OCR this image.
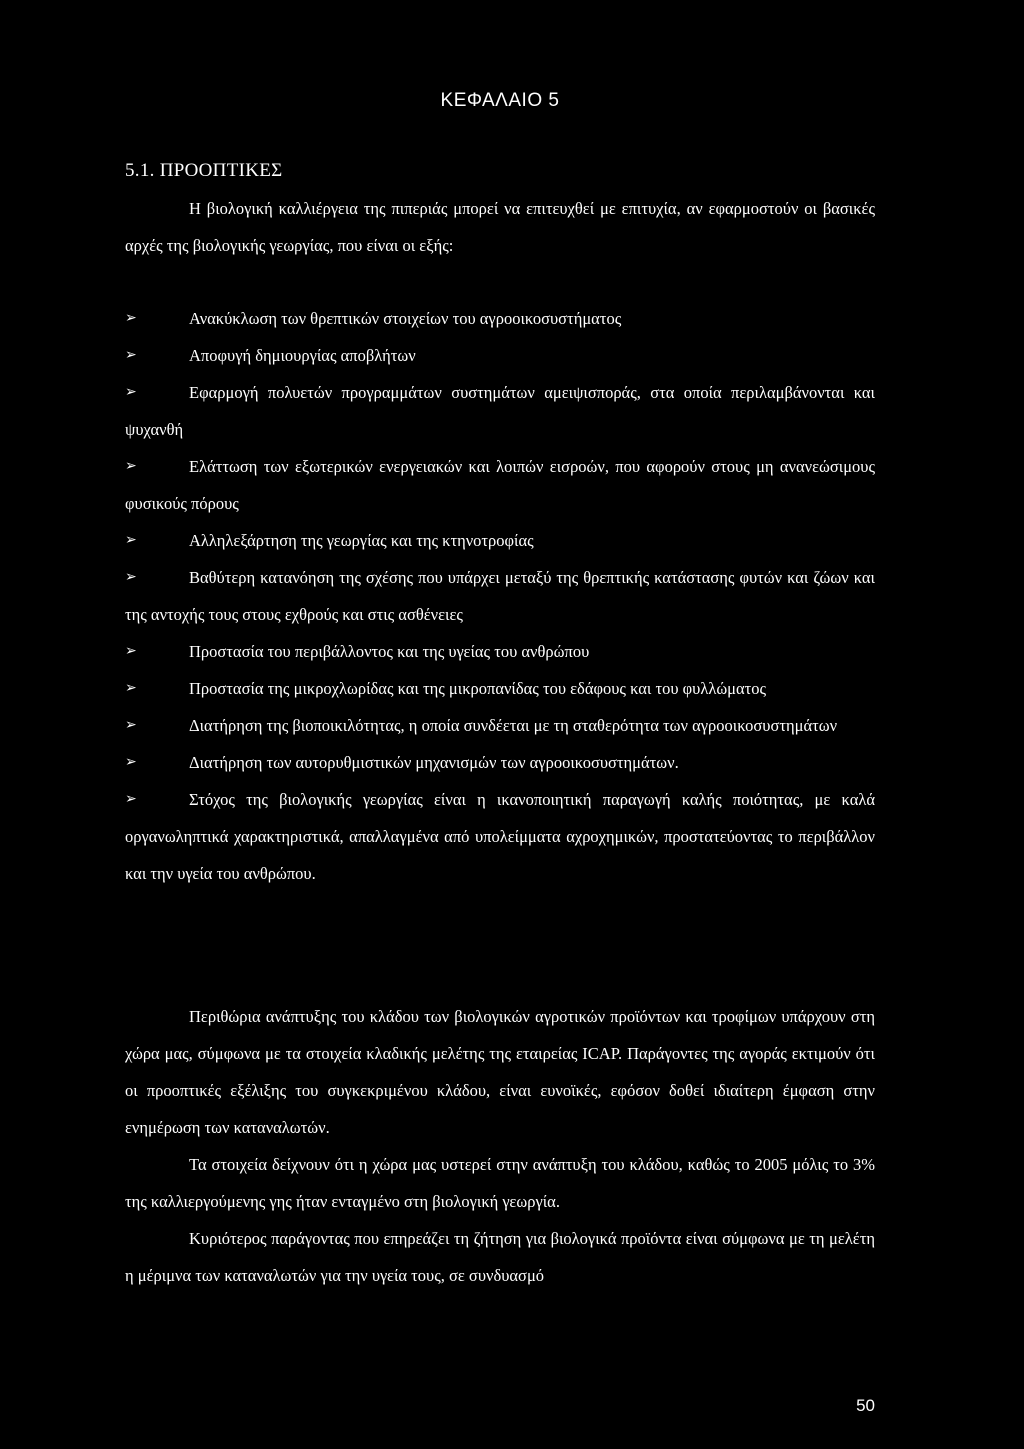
ΚΕΦΑΛΑΙΟ 5
5.1. ΠΡΟΟΠΤΙΚΕΣ

Η βιολογική καλλιέργεια της πιπεριάς μπορεί να επιτευχθεί με επιτυχία, αν εφαρμοστούν οι βασικές αρχές της βιολογικής γεωργίας, που είναι οι εξής:

➢	Ανακύκλωση των θρεπτικών στοιχείων του αγροοικοσυστήματος
➢	Αποφυγή δημιουργίας αποβλήτων
➢	Εφαρμογή πολυετών προγραμμάτων συστημάτων αμειψισποράς, στα οποία περιλαμβάνονται και ψυχανθή
➢	Ελάττωση των εξωτερικών ενεργειακών και λοιπών εισροών, που αφορούν στους μη ανανεώσιμους φυσικούς πόρους
➢	Αλληλεξάρτηση της γεωργίας και της κτηνοτροφίας
➢	Βαθύτερη κατανόηση της σχέσης που υπάρχει μεταξύ της θρεπτικής κατάστασης φυτών και ζώων και της αντοχής τους στους εχθρούς και στις ασθένειες
➢	Προστασία του περιβάλλοντος και της υγείας του ανθρώπου
➢	Προστασία της μικροχλωρίδας και της μικροπανίδας του εδάφους και του φυλλώματος
➢	Διατήρηση της βιοποικιλότητας, η οποία συνδέεται με τη σταθερότητα των αγροοικοσυστημάτων
➢	Διατήρηση των αυτορυθμιστικών μηχανισμών των αγροοικοσυστημάτων.
➢	Στόχος της βιολογικής γεωργίας είναι η ικανοποιητική παραγωγή καλής ποιότητας, με καλά οργανωληπτικά χαρακτηριστικά, απαλλαγμένα από υπολείμματα αχροχημικών, προστατεύοντας το περιβάλλον και την υγεία του ανθρώπου.

Περιθώρια ανάπτυξης του κλάδου των βιολογικών αγροτικών προϊόντων και τροφίμων υπάρχουν στη χώρα μας, σύμφωνα με τα στοιχεία κλαδικής μελέτης της εταιρείας ICAP. Παράγοντες της αγοράς εκτιμούν ότι οι προοπτικές εξέλιξης του συγκεκριμένου κλάδου, είναι ευνοϊκές, εφόσον δοθεί ιδιαίτερη έμφαση στην ενημέρωση των καταναλωτών.

Τα στοιχεία δείχνουν ότι η χώρα μας υστερεί στην ανάπτυξη του κλάδου, καθώς το 2005 μόλις το 3% της καλλιεργούμενης γης ήταν ενταγμένο στη βιολογική γεωργία.

Κυριότερος παράγοντας που επηρεάζει τη ζήτηση για βιολογικά προϊόντα είναι σύμφωνα με τη μελέτη η μέριμνα των καταναλωτών για την υγεία τους, σε συνδυασμό

50
